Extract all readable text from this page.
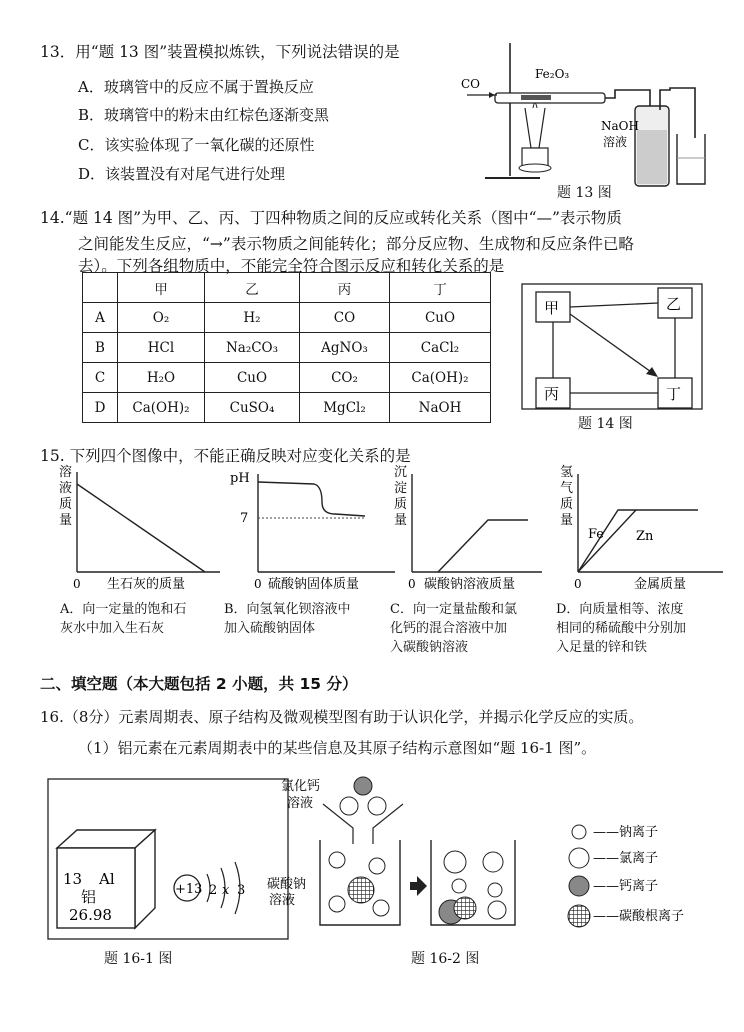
13．用“题 13 图”装置模拟炼铁，下列说法错误的是
A．玻璃管中的反应不属于置换反应
B．玻璃管中的粉末由红棕色逐渐变黑
C．该实验体现了一氧化碳的还原性
D．该装置没有对尾气进行处理
CO
Fe₂O₃
NaOH
溶液
题 13 图
14.“题 14 图”为甲、乙、丙、丁四种物质之间的反应或转化关系（图中“—”表示物质
之间能发生反应，“→”表示物质之间能转化；部分反应物、生成物和反应条件已略
去）。下列各组物质中，不能完全符合图示反应和转化关系的是
	甲	乙	丙	丁
A	O₂	H₂	CO	CuO
B	HCl	Na₂CO₃	AgNO₃	CaCl₂
C	H₂O	CuO	CO₂	Ca(OH)₂
D	Ca(OH)₂	CuSO₄	MgCl₂	NaOH
甲	乙
丙	丁
题 14 图
15. 下列四个图像中，不能正确反映对应变化关系的是
溶
液
质
量
0 生石灰的质量
pH
7
0 硫酸钠固体质量
沉
淀
质
量
0 碳酸钠溶液质量
氢
气
质
量
Fe Zn
0	金属质量
A．向一定量的饱和石
灰水中加入生石灰
B．向氢氧化钡溶液中
加入硫酸钠固体
C．向一定量盐酸和氯
化钙的混合溶液中加
入碳酸钠溶液
D．向质量相等、浓度
相同的稀硫酸中分别加
入足量的锌和铁
二、填空题（本大题包括 2 小题，共 15 分）
16.（8分）元素周期表、原子结构及微观模型图有助于认识化学，并揭示化学反应的实质。
（1）铝元素在元素周期表中的某些信息及其原子结构示意图如“题 16-1 图”。
13 Al
铝
26.98
+13 2 x 3
题 16-1 图
氯化钙
溶液
碳酸钠
溶液
——钠离子
——氯离子
——钙离子
——碳酸根离子
题 16-2 图
